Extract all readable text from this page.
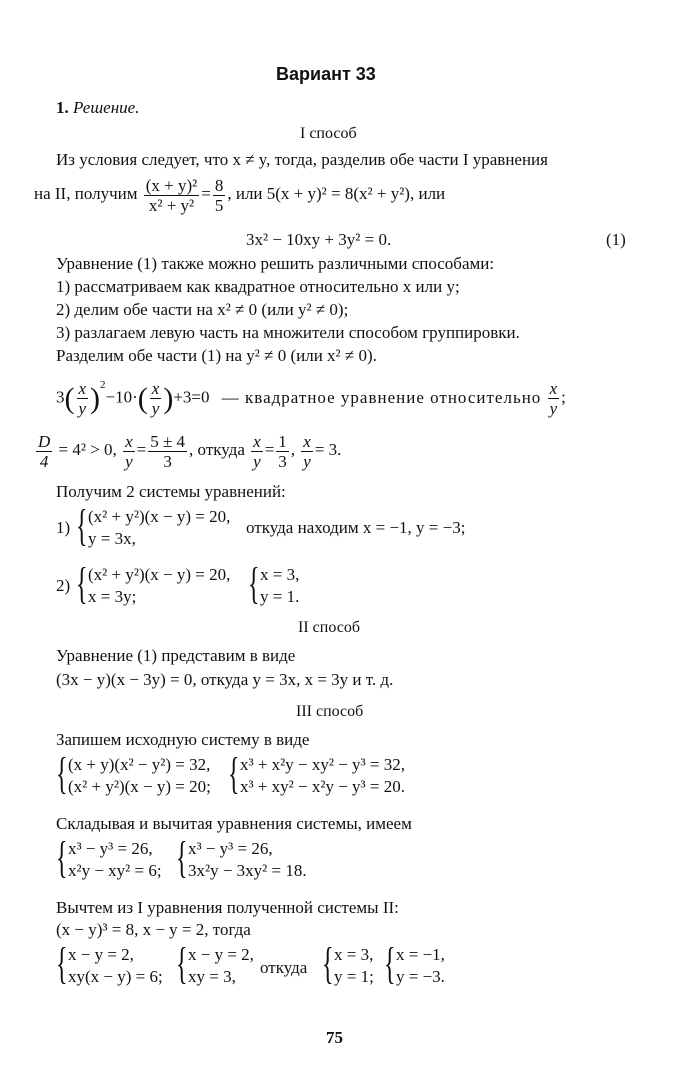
Вариант 33
1. Решение.
I способ
Из условия следует, что x ≠ y, тогда, разделив обе части I уравнения
на II, получим $\frac{\text{(x + y)²}}{\text{x² + y²}} = \frac{8}{5}$ , или 5(x + y)² = 8(x² + y²), или
3x² − 10xy + 3y² = 0.	(1)
Уравнение (1) также можно решить различными способами:
1) рассматриваем как квадратное относительно x или y;
2) делим обе части на x² ≠ 0 (или y² ≠ 0);
3) разлагаем левую часть на множители способом группировки.
Разделим обе части (1) на y² ≠ 0 (или x² ≠ 0).
$3( \frac{x}{y} )^2-10\cdot( \frac{x}{y} )+3=0$ — квадратное уравнение относительно $\frac{x}{y}$ ;
$\frac{D}{4} = 4^2 > 0$, $\frac{x}{y} = \frac{5 \pm 4}{3}$ , откуда $\frac{x}{y} = \frac{1}{3}$ , $\frac{x}{y} = 3$.
Получим 2 системы уравнений:
1) { (x² + y²)(x − y) = 20,
y = 3x,
откуда находим x = −1, y = −3;
2) { (x² + y²)(x − y) = 20,
x = 3y;	{ x = 3,
y = 1.
II способ
Уравнение (1) представим в виде
(3x − y)(x − 3y) = 0, откуда y = 3x, x = 3y и т. д.
III способ
Запишем исходную систему в виде
{ (x + y)(x² − y²) = 32,
(x² + y²)(x − y) = 20; { x³ + x²y − xy² − y³ = 32,
x³ + xy² − x²y − y³ = 20.
Складывая и вычитая уравнения системы, имеем
{ x³ − y³ = 26,
x²y − xy² = 6; { x³ − y³ = 26,
3x²y − 3xy² = 18.
Вычтем из I уравнения полученной системы II:
(x − y)³ = 8, x − y = 2, тогда
{ x − y = 2,
xy(x − y) = 6; { x − y = 2,
xy = 3,	откуда { x = 3,
y = 1; { x = −1,
y = −3.
75
